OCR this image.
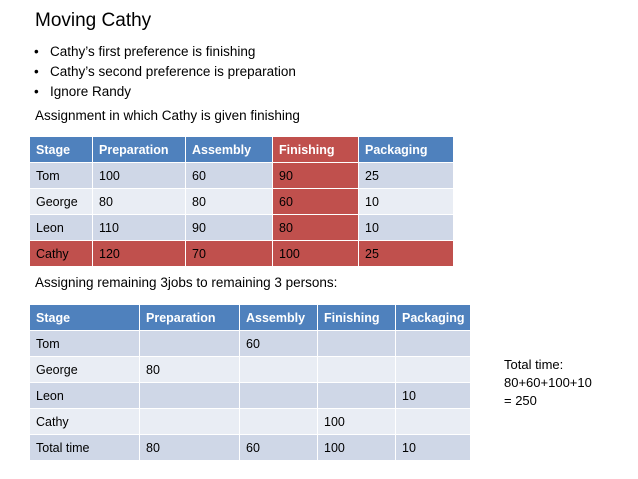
Moving Cathy
• Cathy’s first preference is finishing
• Cathy’s second preference is preparation
• Ignore Randy
Assignment in which Cathy is given finishing
Stage	Preparation	Assembly	Finishing	Packaging
Tom	100	60	90	25
George	80	80	60	10
Leon	110	90	80	10
Cathy	120	70	100	25
Assigning remaining 3jobs to remaining 3 persons:
Stage	Preparation	Assembly	Finishing	Packaging
Tom		60		
George	80			
Leon				10
Cathy			100	
Total time	80	60	100	10
Total time:
80+60+100+10
= 250
